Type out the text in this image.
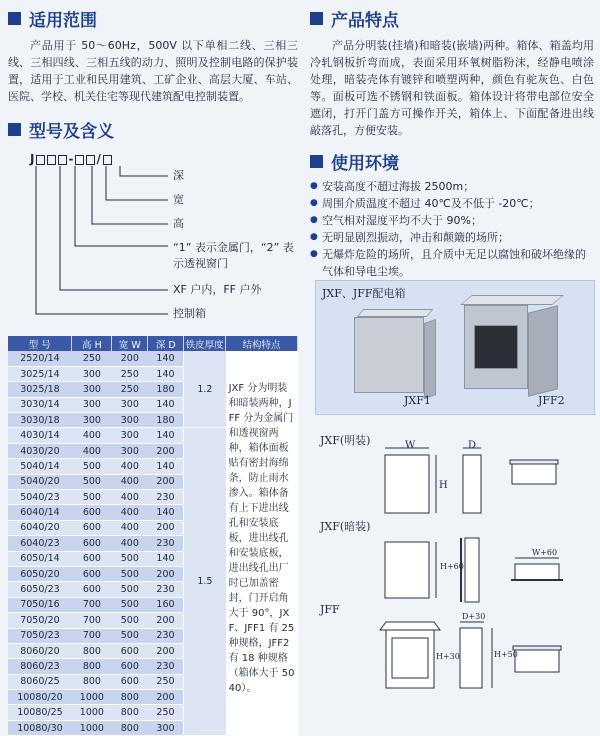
适用范围

产品用于 50～60Hz，500V 以下单相二线、三相三线、三相四线、三相五线的动力、照明及控制电路的保护装置，适用于工业和民用建筑、工矿企业、高层大厦、车站、医院、学校、机关住宅等现代建筑配电控制装置。

型号及含义
J	- /
深
宽
高
“1” 表示金属门，“2” 表示透视窗门
XF 户内，FF 户外
控制箱
型 号	高 H	宽 W	深 D	铁皮厚度	结构特点
2520/14	250	200	140	1.2	JXF 分为明装和暗装两种，JFF 分为金属门和透视窗两种，箱体面板贴有密封海绵条，防止雨水渗入。箱体备有上下进出线孔和安装底板，进出线孔和安装底板，进出线孔出厂时已加盖密封，门开启角大于 90°，JXF、JFF1 有 25 种规格，JFF2 有 18 种规格（箱体大于 5040）。
3025/14	300	250	140		
3025/18	300	250	180		
3030/14	300	300	140		
3030/18	300	300	180		
4030/14	400	300	140	1.5	
4030/20	400	300	200		
5040/14	500	400	140		
5040/20	500	400	200		
5040/23	500	400	230		
6040/14	600	400	140		
6040/20	600	400	200		
6040/23	600	400	230		
6050/14	600	500	140		
6050/20	600	500	200		
6050/23	600	500	230		
7050/16	700	500	160		
7050/20	700	500	200		
7050/23	700	500	230		
8060/20	800	600	200		
8060/23	800	600	230		
8060/25	800	600	250		
10080/20	1000	800	200		
10080/25	1000	800	250		
10080/30	1000	800	300		
产品特点

产品分明装(挂墙)和暗装(嵌墙)两种。箱体、箱盖均用冷轧钢板折弯而成，表面采用环氧树脂粉沫，经静电喷涂处理，暗装壳体有镀锌和喷塑两种，颜色有驼灰色、白色等。面板可选不锈钢和铁面板。箱体设计将带电部位安全遮闭，打开门盖方可操作开关，箱体上、下面配备进出线敲落孔，方便安装。

使用环境
● 安装高度不超过海拔 2500m；
● 周围介质温度不超过 40℃及不低于 -20℃；
● 空气相对湿度平均不大于 90%；
● 无明显剧烈振动，冲击和颠簸的场所；
● 无爆炸危险的场所，且介质中无足以腐蚀和破坏绝缘的气体和导电尘埃。
JXF、JFF配电箱
JXF1	JFF2
JXF(明装)
JXF(暗装)
JFF
W
H
D
H+60
W+60
D+30
H+50
H+30
